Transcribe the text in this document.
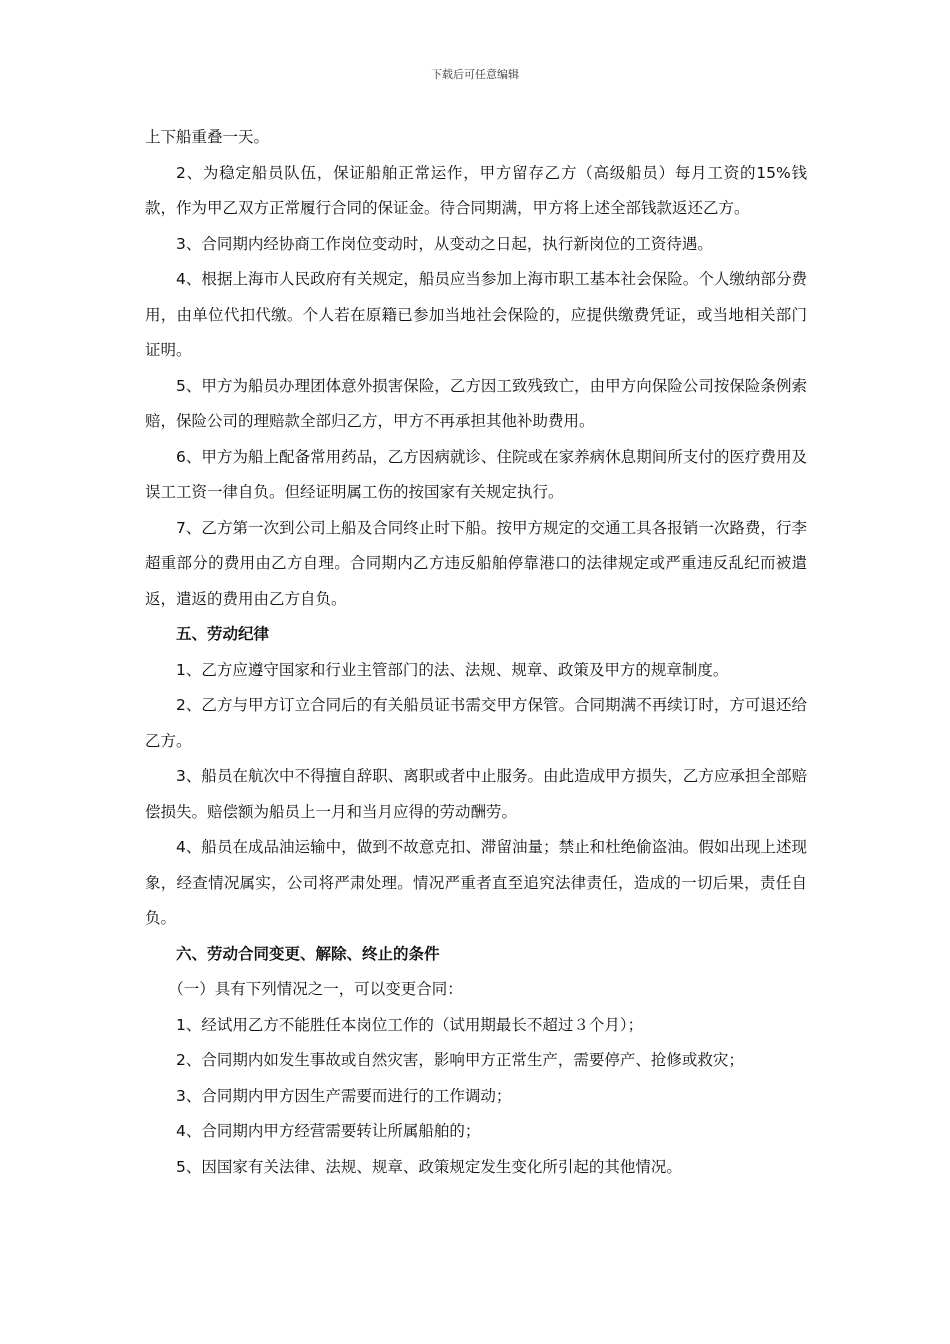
下载后可任意编辑

上下船重叠一天。

2、为稳定船员队伍，保证船舶正常运作，甲方留存乙方（高级船员）每月工资的15%钱款，作为甲乙双方正常履行合同的保证金。待合同期满，甲方将上述全部钱款返还乙方。

3、合同期内经协商工作岗位变动时，从变动之日起，执行新岗位的工资待遇。

4、根据上海市人民政府有关规定，船员应当参加上海市职工基本社会保险。个人缴纳部分费用，由单位代扣代缴。个人若在原籍已参加当地社会保险的，应提供缴费凭证，或当地相关部门证明。

5、甲方为船员办理团体意外损害保险，乙方因工致残致亡，由甲方向保险公司按保险条例索赔，保险公司的理赔款全部归乙方，甲方不再承担其他补助费用。

6、甲方为船上配备常用药品，乙方因病就诊、住院或在家养病休息期间所支付的医疗费用及误工工资一律自负。但经证明属工伤的按国家有关规定执行。

7、乙方第一次到公司上船及合同终止时下船。按甲方规定的交通工具各报销一次路费，行李超重部分的费用由乙方自理。合同期内乙方违反船舶停靠港口的法律规定或严重违反乱纪而被遣返，遣返的费用由乙方自负。

五、劳动纪律

1、乙方应遵守国家和行业主管部门的法、法规、规章、政策及甲方的规章制度。

2、乙方与甲方订立合同后的有关船员证书需交甲方保管。合同期满不再续订时，方可退还给乙方。

3、船员在航次中不得擅自辞职、离职或者中止服务。由此造成甲方损失，乙方应承担全部赔偿损失。赔偿额为船员上一月和当月应得的劳动酬劳。

4、船员在成品油运输中，做到不故意克扣、滞留油量；禁止和杜绝偷盗油。假如出现上述现象，经查情况属实，公司将严肃处理。情况严重者直至追究法律责任，造成的一切后果，责任自负。

六、劳动合同变更、解除、终止的条件

（一）具有下列情况之一，可以变更合同：

1、经试用乙方不能胜任本岗位工作的（试用期最长不超过３个月）；

2、合同期内如发生事故或自然灾害，影响甲方正常生产，需要停产、抢修或救灾；

3、合同期内甲方因生产需要而进行的工作调动；

4、合同期内甲方经营需要转让所属船舶的；

5、因国家有关法律、法规、规章、政策规定发生变化所引起的其他情况。
